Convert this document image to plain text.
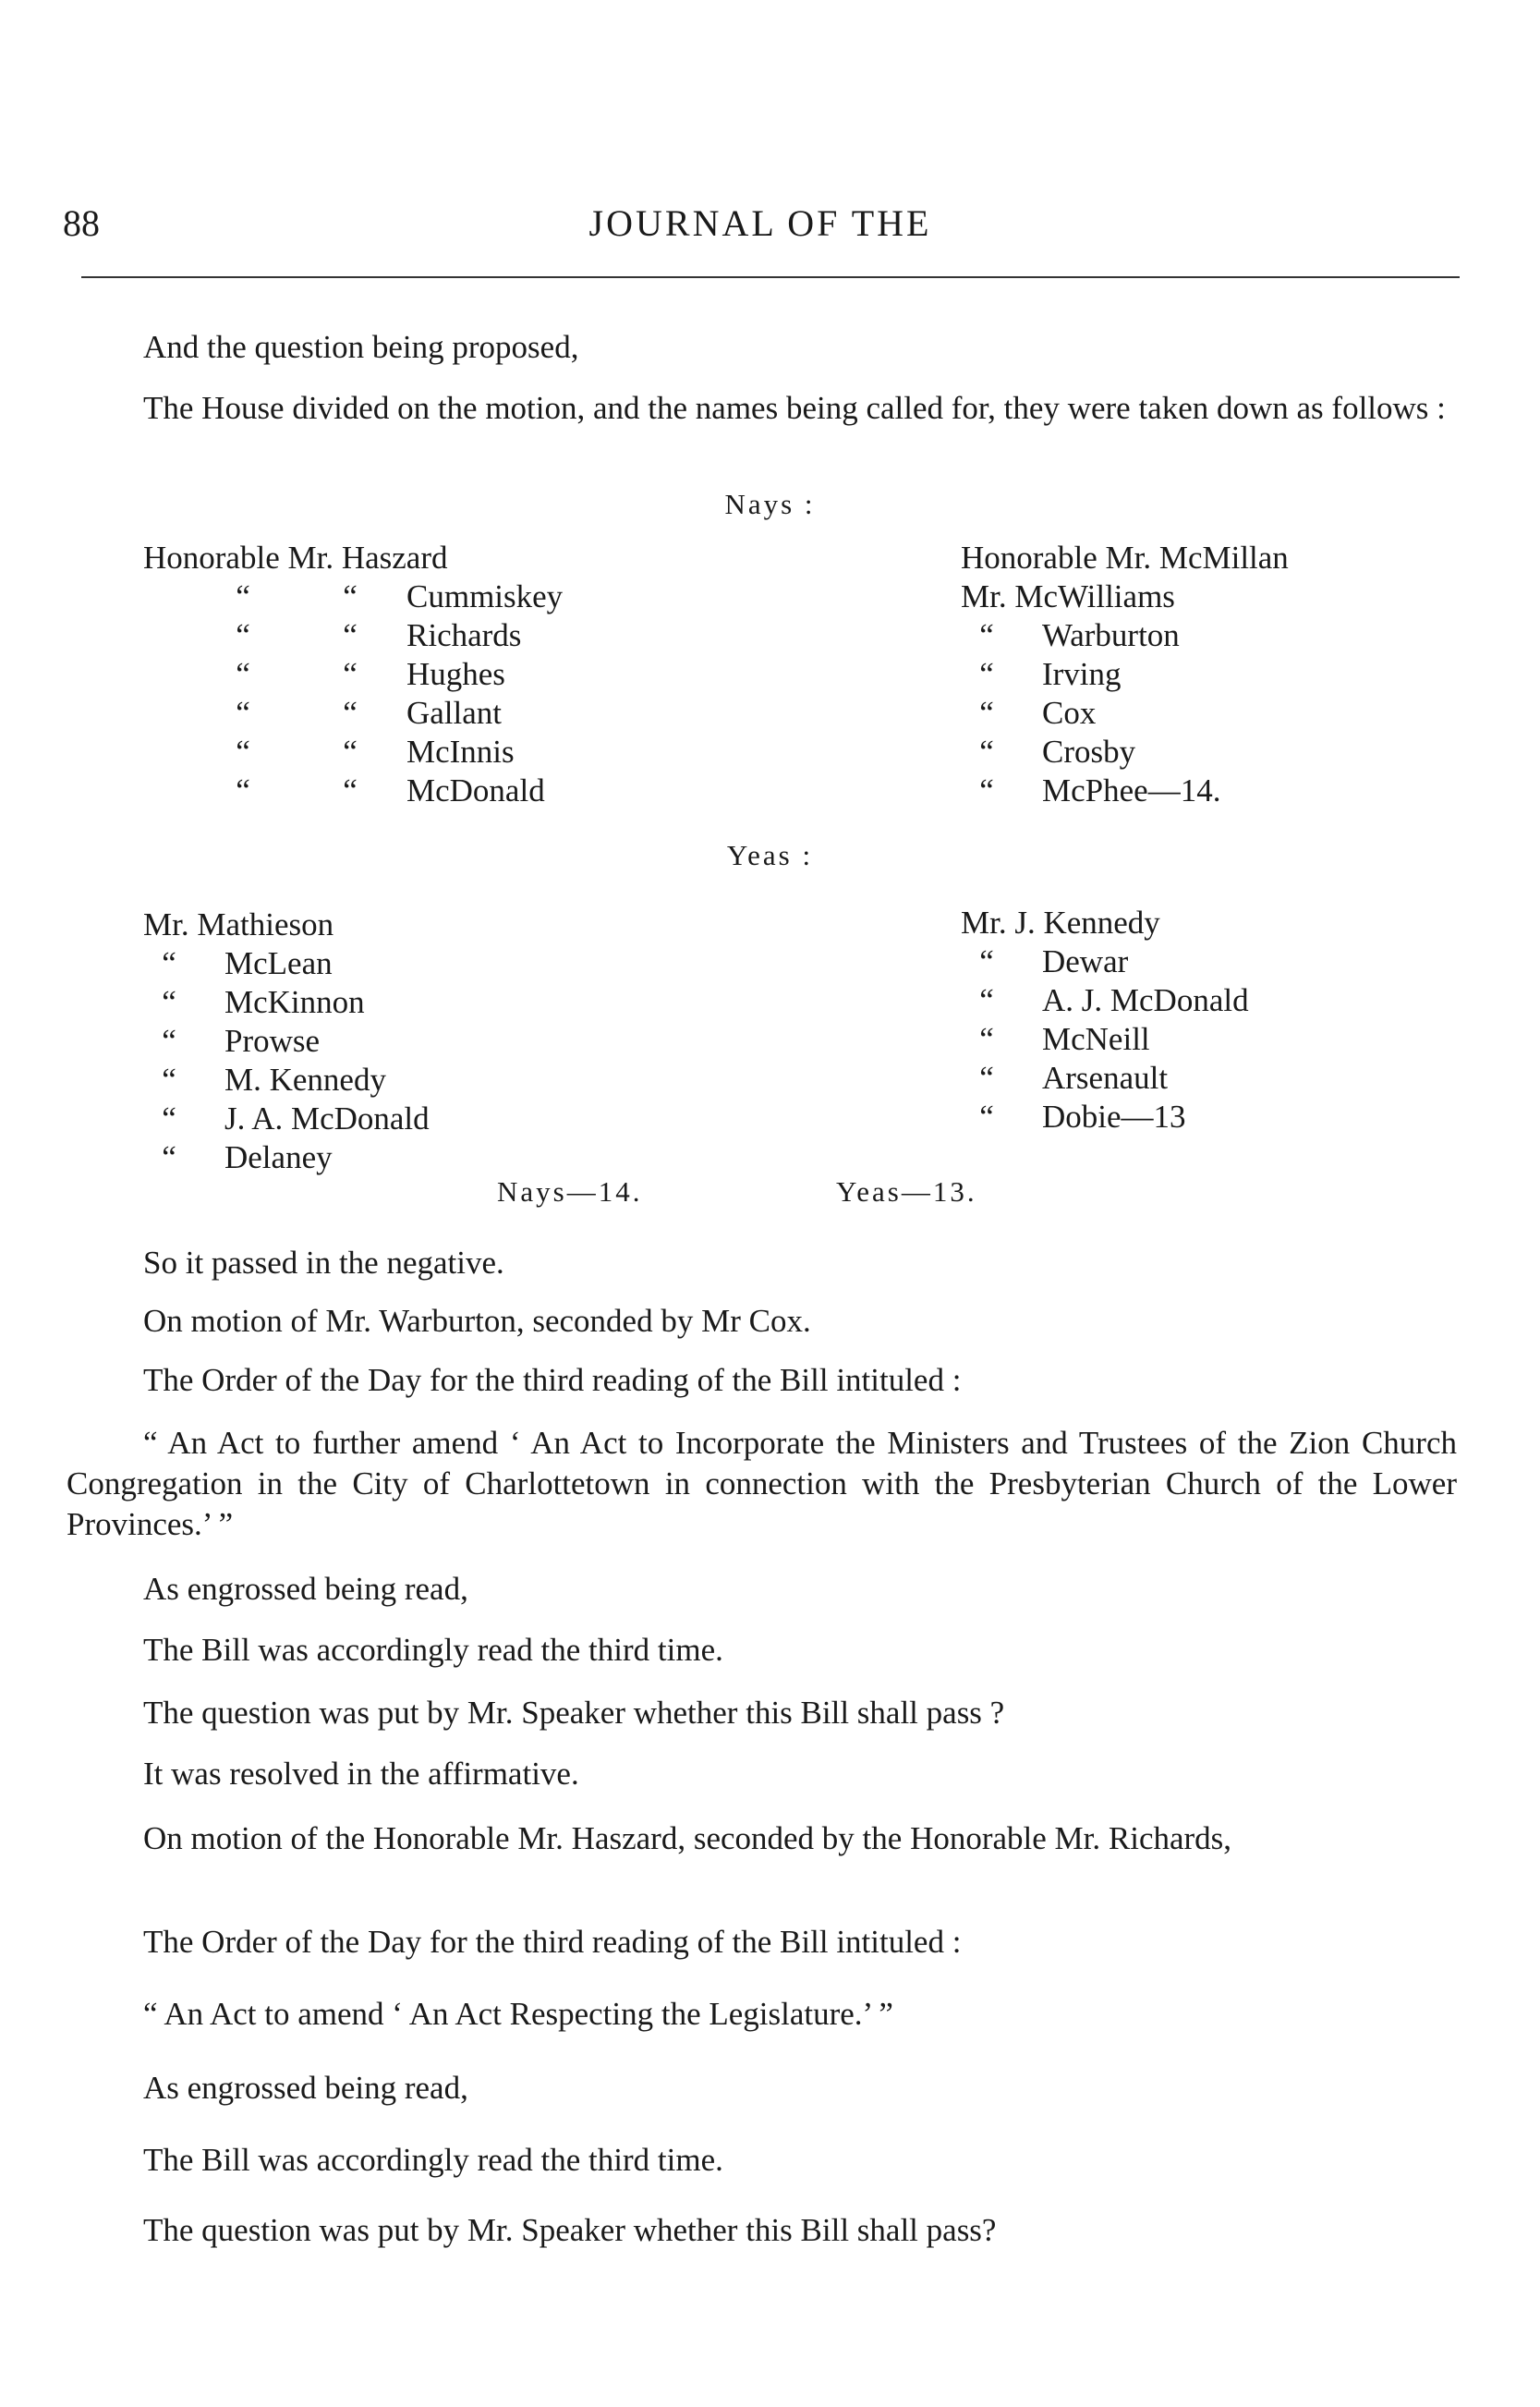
88	JOURNAL OF THE
And the question being proposed,
The House divided on the motion, and the names being called for, they were taken down as follows :
Nays :
Honorable Mr. Haszard
“	“	Cummiskey
“	“	Richards
“	“	Hughes
“	“	Gallant
“	“	McInnis
“	“	McDonald
Honorable Mr. McMillan
Mr. McWilliams
“	Warburton
“	Irving
“	Cox
“	Crosby
“	McPhee—14.
Yeas :
Mr. Mathieson
“	McLean
“	McKinnon
“	Prowse
“	M. Kennedy
“	J. A. McDonald
“	Delaney
Mr. J. Kennedy
“	Dewar
“	A. J. McDonald
“	McNeill
“	Arsenault
“	Dobie—13
Nays—14.	Yeas—13.
So it passed in the negative.
On motion of Mr. Warburton, seconded by Mr Cox.
The Order of the Day for the third reading of the Bill intituled :
“ An Act to further amend ‘ An Act to Incorporate the Ministers and Trustees of the Zion Church Congregation in the City of Charlottetown in connection with the Presbyterian Church of the Lower Provinces.’ ”
As engrossed being read,
The Bill was accordingly read the third time.
The question was put by Mr. Speaker whether this Bill shall pass ?
It was resolved in the affirmative.
On motion of the Honorable Mr. Haszard, seconded by the Honorable Mr. Richards,
The Order of the Day for the third reading of the Bill intituled :
“ An Act to amend ‘ An Act Respecting the Legislature.’ ”
As engrossed being read,
The Bill was accordingly read the third time.
The question was put by Mr. Speaker whether this Bill shall pass?
